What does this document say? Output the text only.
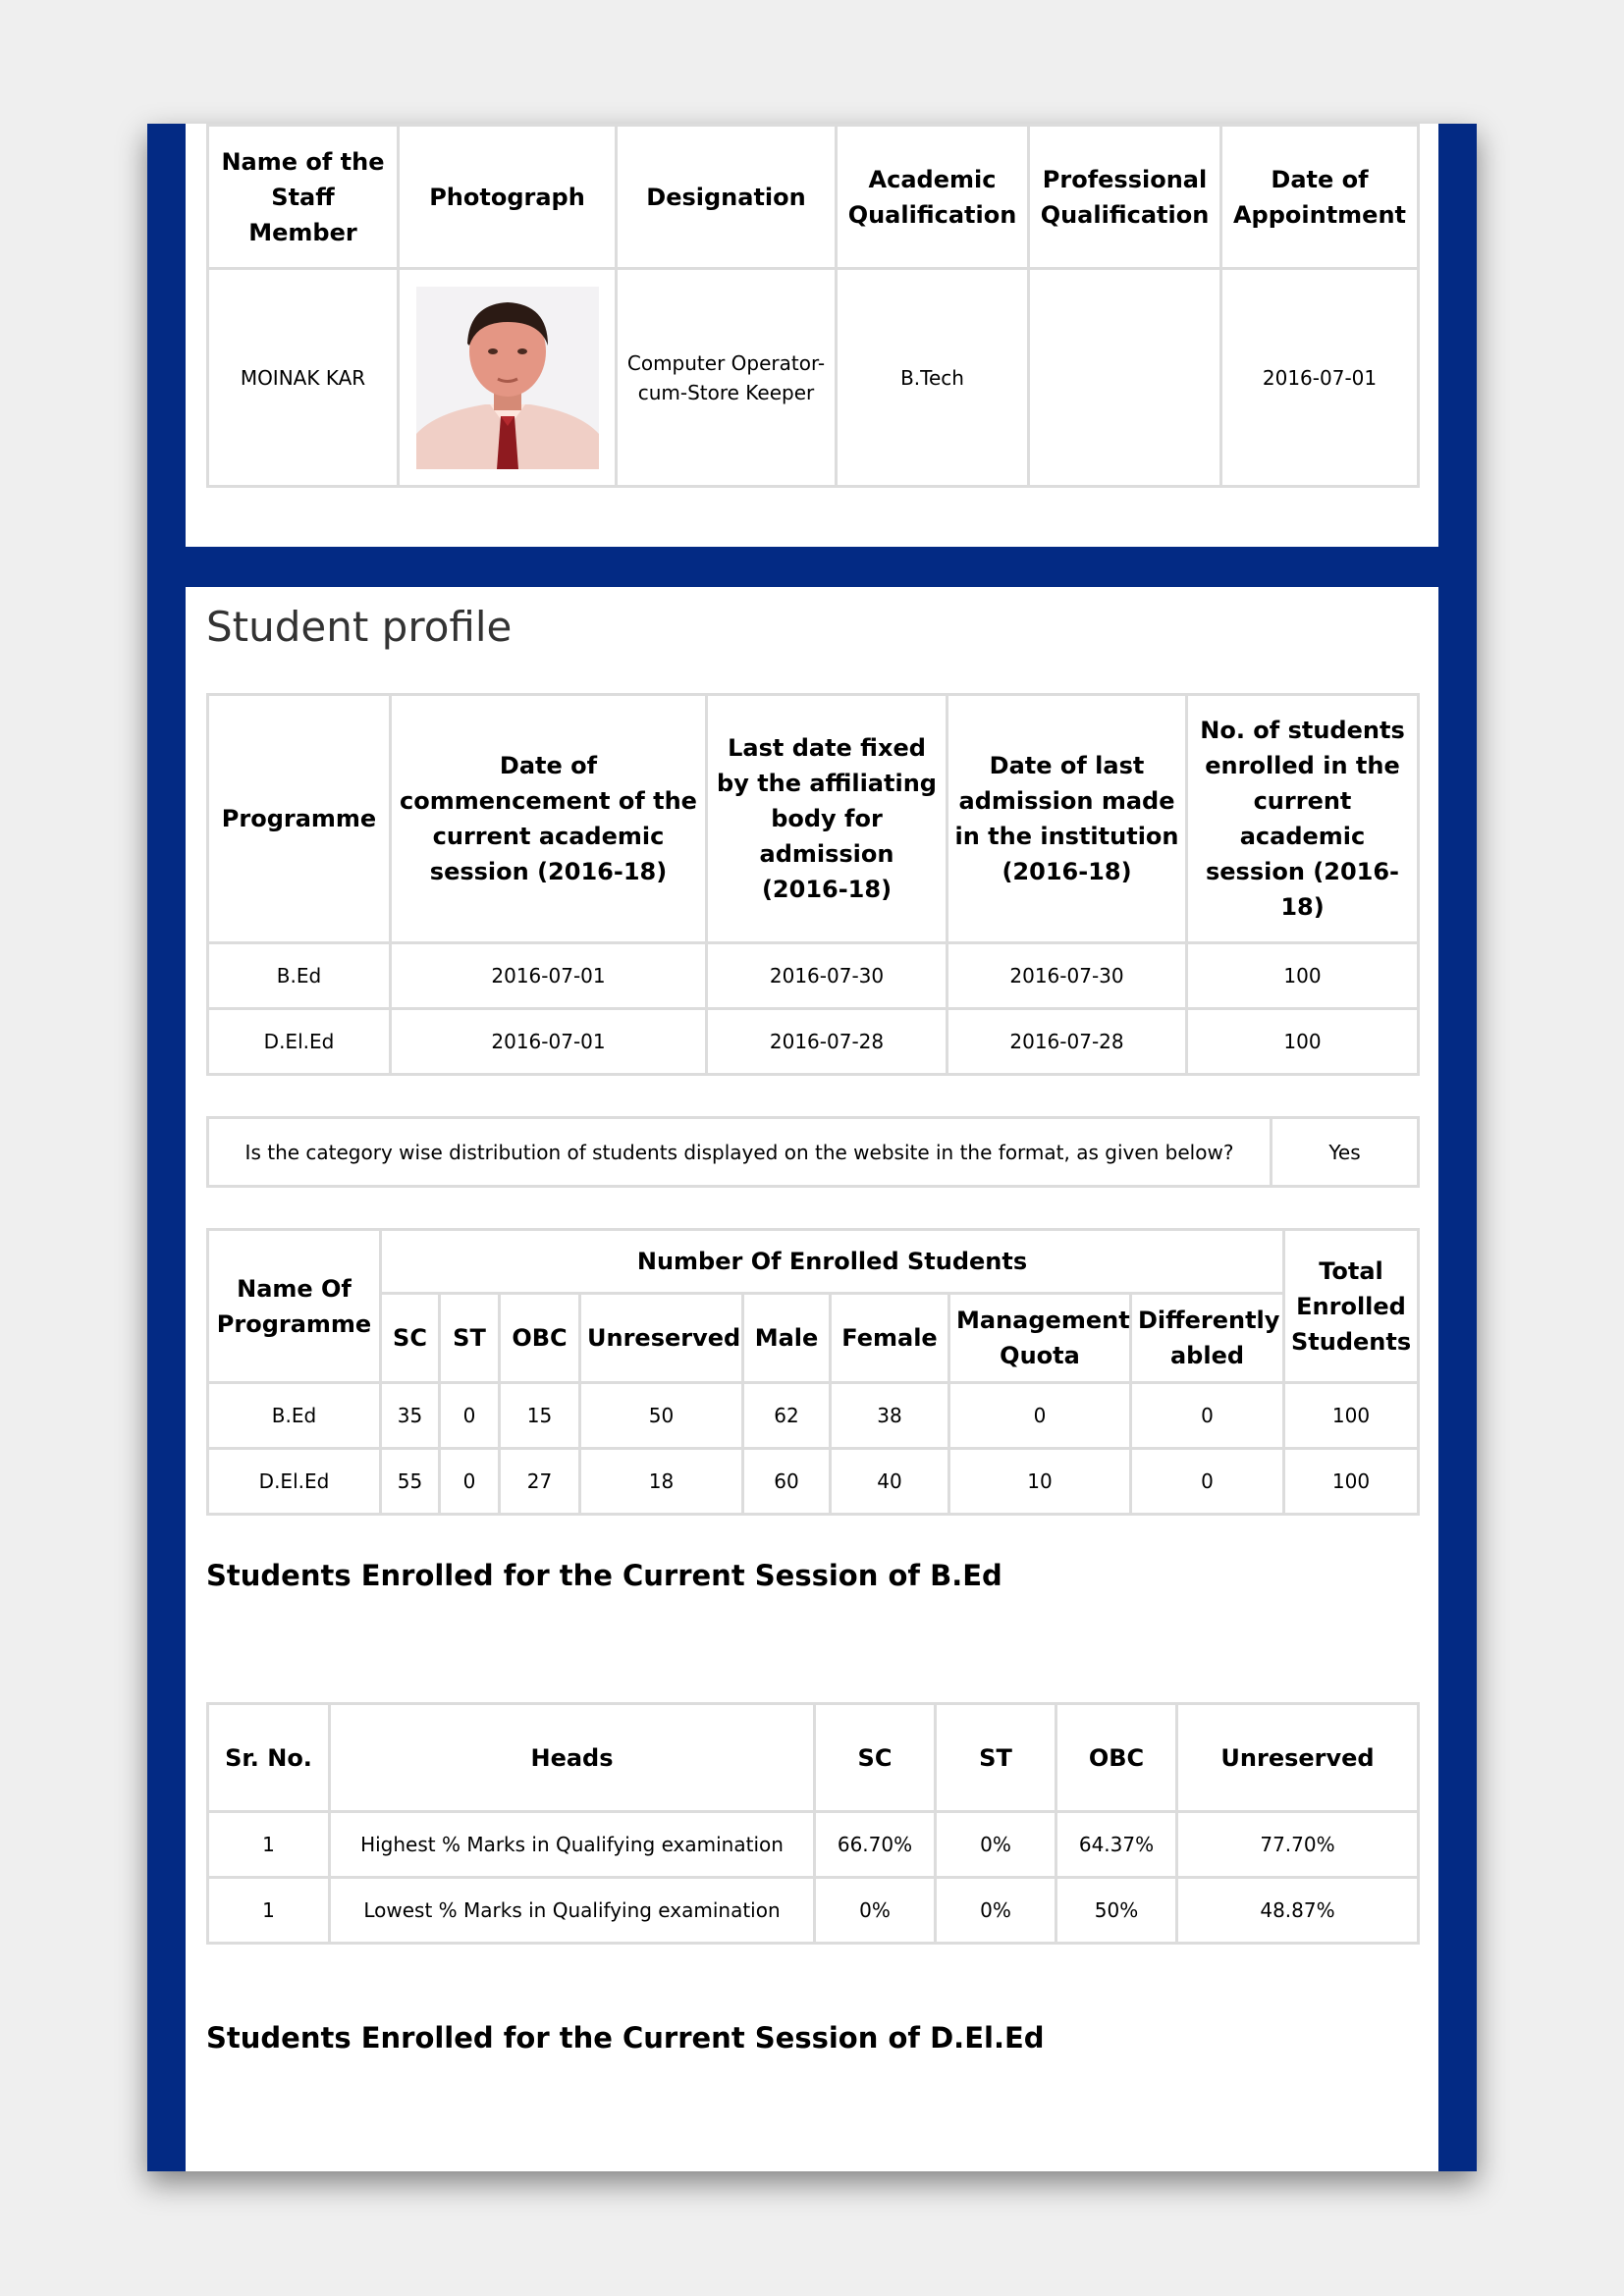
Name of the Staff Member	Photograph	Designation	Academic Qualification	Professional Qualification	Date of Appointment
MOINAK KAR		Computer Operator-cum-Store Keeper	B.Tech		2016-07-01
Student profile
Programme	Date of commencement of the current academic session (2016-18)	Last date fixed by the affiliating body for admission (2016-18)	Date of last admission made in the institution (2016-18)	No. of students enrolled in the current academic session (2016-18)
B.Ed	2016-07-01	2016-07-30	2016-07-30	100
D.El.Ed	2016-07-01	2016-07-28	2016-07-28	100
Is the category wise distribution of students displayed on the website in the format, as given below?	Yes
Name Of Programme	Number Of Enrolled Students								Total Enrolled Students
	SC	ST	OBC	Unreserved	Male	Female	Management Quota	Differently abled	
B.Ed	35	0	15	50	62	38	0	0	100
D.El.Ed	55	0	27	18	60	40	10	0	100
Students Enrolled for the Current Session of B.Ed
Sr. No.	Heads	SC	ST	OBC	Unreserved
1	Highest % Marks in Qualifying examination	66.70%	0%	64.37%	77.70%
1	Lowest % Marks in Qualifying examination	0%	0%	50%	48.87%
Students Enrolled for the Current Session of D.El.Ed
